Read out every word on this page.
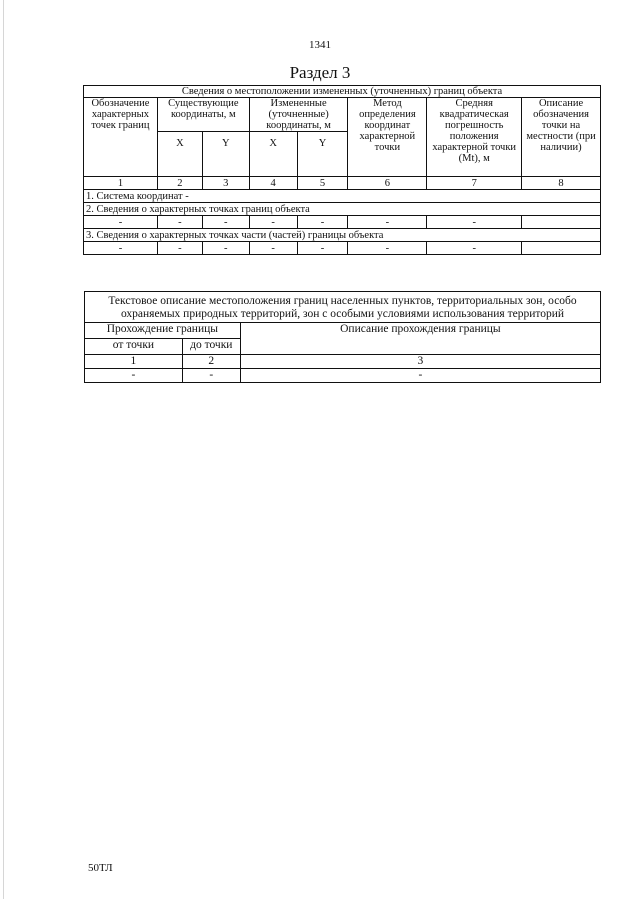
1341
Раздел 3
Сведения о местоположении измененных (уточненных) границ объекта							
Обозначение характерных точек границ	Существующие координаты, м		Измененные (уточненные) координаты, м		Метод определения координат характерной точки	Средняя квадратическая погрешность положения характерной точки (Mt), м	Описание обозначения точки на местности (при наличии)
	X	Y	X	Y			
1	2	3	4	5	6	7	8
1. Система координат -							
2. Сведения о характерных точках границ объекта							
-	-	-	-	-	-	-	
3. Сведения о характерных точках части (частей) границы объекта							
-	-	-	-	-	-	-	
Текстовое описание местоположения границ населенных пунктов, территориальных зон, особо охраняемых природных территорий, зон с особыми условиями использования территорий		
Прохождение границы		Описание прохождения границы
от точки	до точки	
1	2	3
-	-	-
50ТЛ
